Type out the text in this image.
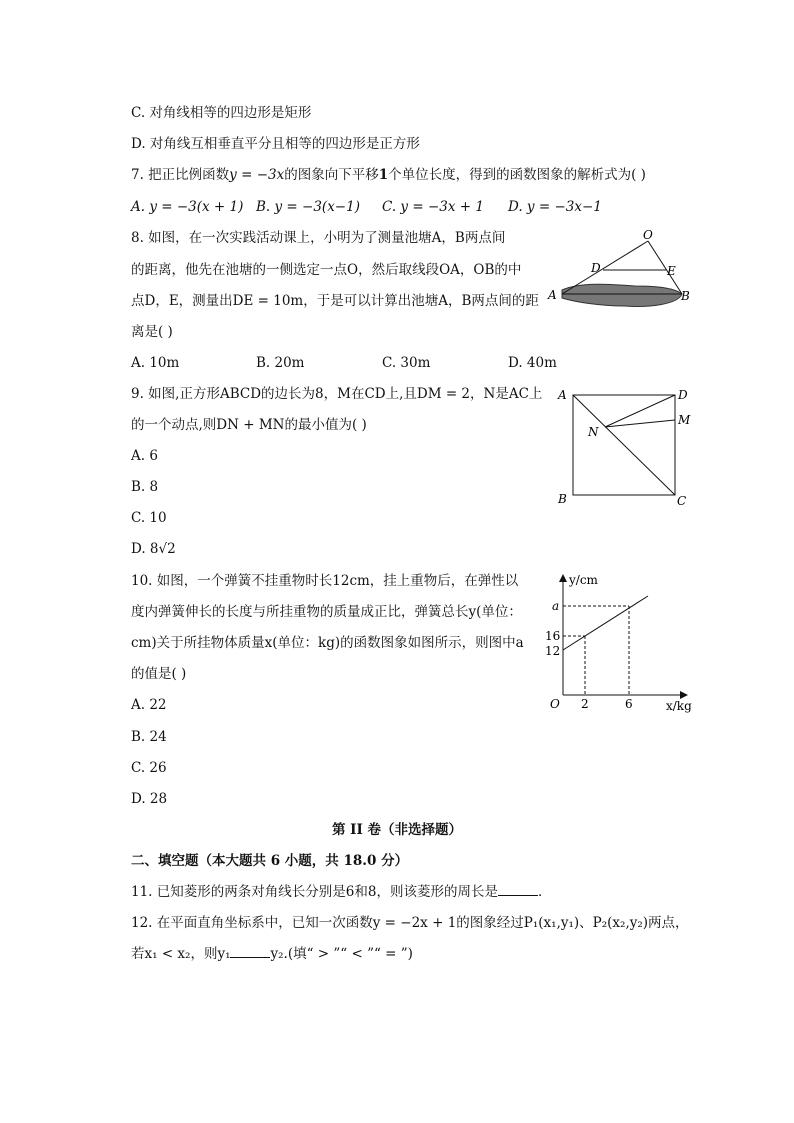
C. 对角线相等的四边形是矩形
D. 对角线互相垂直平分且相等的四边形是正方形
7. 把正比例函数y = −3x的图象向下平移1个单位长度，得到的函数图象的解析式为( )
A. y = −3(x + 1) B. y = −3(x−1) C. y = −3x + 1 D. y = −3x−1
8. 如图，在一次实践活动课上，小明为了测量池塘A，B两点间
的距离，他先在池塘的一侧选定一点O，然后取线段OA，OB的中
点D，E，测量出DE = 10m，于是可以计算出池塘A，B两点间的距
离是( )
A. 10m	B. 20m	C. 30m	D. 40m
O
D	E
A	B
9. 如图,正方形ABCD的边长为8，M在CD上,且DM = 2，N是AC上
的一个动点,则DN + MN的最小值为( )
A. 6
B. 8
C. 10
D. 8√2
A	D
M
N
B	C
10. 如图，一个弹簧不挂重物时长12cm，挂上重物后，在弹性以
度内弹簧伸长的长度与所挂重物的质量成正比，弹簧总长y(单位：
cm)关于所挂物体质量x(单位：kg)的函数图象如图所示，则图中a
的值是( )
A. 22
B. 24
C. 26
D. 28
y/cm
x/kg
O
a
16
12
2	6
第 II 卷（非选择题）
二、填空题（本大题共 6 小题，共 18.0 分）
11. 已知菱形的两条对角线长分别是6和8，则该菱形的周长是	．
12. 在平面直角坐标系中，已知一次函数y = −2x + 1的图象经过P₁(x₁,y₁)、P₂(x₂,y₂)两点，
若x₁ < x₂，则y₁	y₂.(填“ > ”“ < ”“ = ”)
